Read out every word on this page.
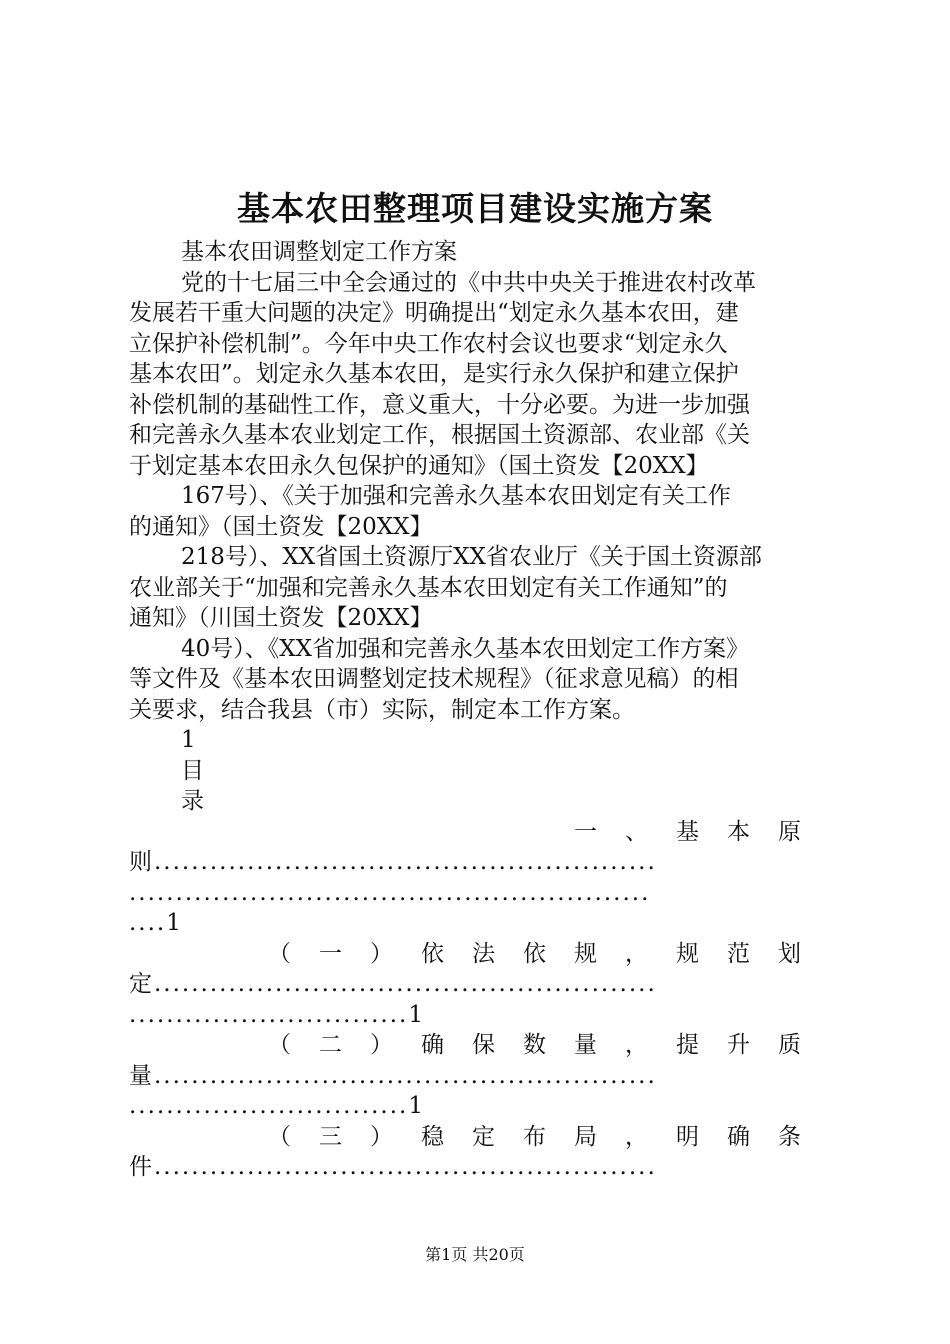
基本农田整理项目建设实施方案
基本农田调整划定工作方案
党的十七届三中全会通过的《中共中央关于推进农村改革
发展若干重大问题的决定》明确提出“划定永久基本农田，建
立保护补偿机制”。今年中央工作农村会议也要求“划定永久
基本农田”。划定永久基本农田，是实行永久保护和建立保护
补偿机制的基础性工作，意义重大，十分必要。为进一步加强
和完善永久基本农业划定工作，根据国土资源部、农业部《关
于划定基本农田永久包保护的通知》（国土资发【20XX】
167号）、《关于加强和完善永久基本农田划定有关工作
的通知》（国土资发【20XX】
218号）、XX省国土资源厅XX省农业厅《关于国土资源部
农业部关于“加强和完善永久基本农田划定有关工作通知”的
通知》（川国土资发【20XX】
40号）、《XX省加强和完善永久基本农田划定工作方案》
等文件及《基本农田调整划定技术规程》（征求意见稿）的相
关要求，结合我县（市）实际，制定本工作方案。
1
目
录
一、基本原
则......................................................
........................................................
....1
（一）依法依规，规范划
定......................................................
..............................1
（二）确保数量，提升质
量......................................................
..............................1
（三）稳定布局，明确条
件......................................................
第1页 共20页
